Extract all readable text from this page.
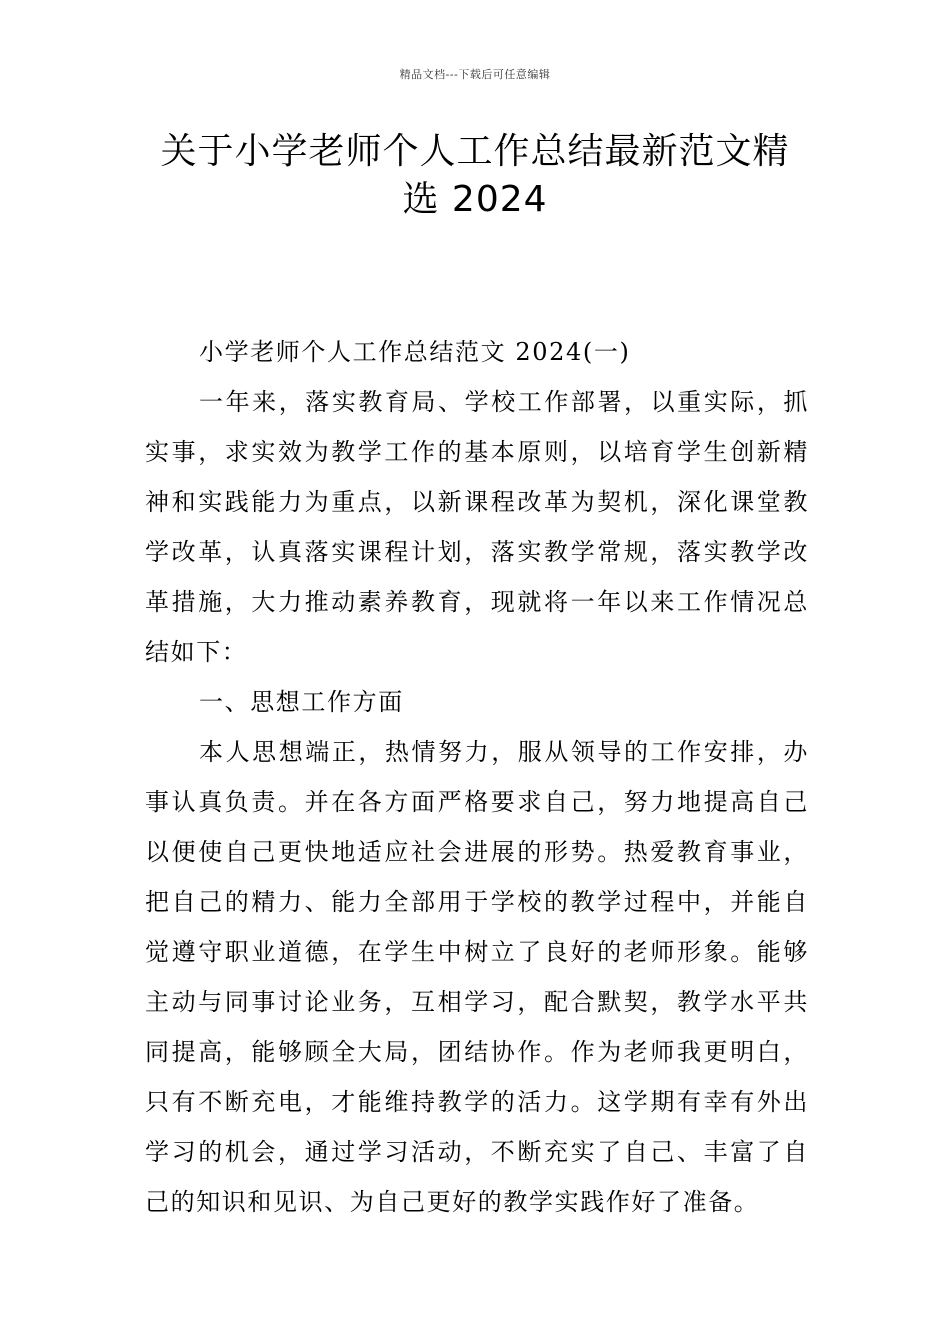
精品文档---下载后可任意编辑
关于小学老师个人工作总结最新范文精
选 2024

小学老师个人工作总结范文 2024(一)

一年来，落实教育局、学校工作部署，以重实际，抓实事，求实效为教学工作的基本原则，以培育学生创新精神和实践能力为重点，以新课程改革为契机，深化课堂教学改革，认真落实课程计划，落实教学常规，落实教学改革措施，大力推动素养教育，现就将一年以来工作情况总结如下：

一、思想工作方面

本人思想端正，热情努力，服从领导的工作安排，办事认真负责。并在各方面严格要求自己，努力地提高自己以便使自己更快地适应社会进展的形势。热爱教育事业，把自己的精力、能力全部用于学校的教学过程中，并能自觉遵守职业道德，在学生中树立了良好的老师形象。能够主动与同事讨论业务，互相学习，配合默契，教学水平共同提高，能够顾全大局，团结协作。作为老师我更明白，只有不断充电，才能维持教学的活力。这学期有幸有外出学习的机会，通过学习活动，不断充实了自己、丰富了自己的知识和见识、为自己更好的教学实践作好了准备。
